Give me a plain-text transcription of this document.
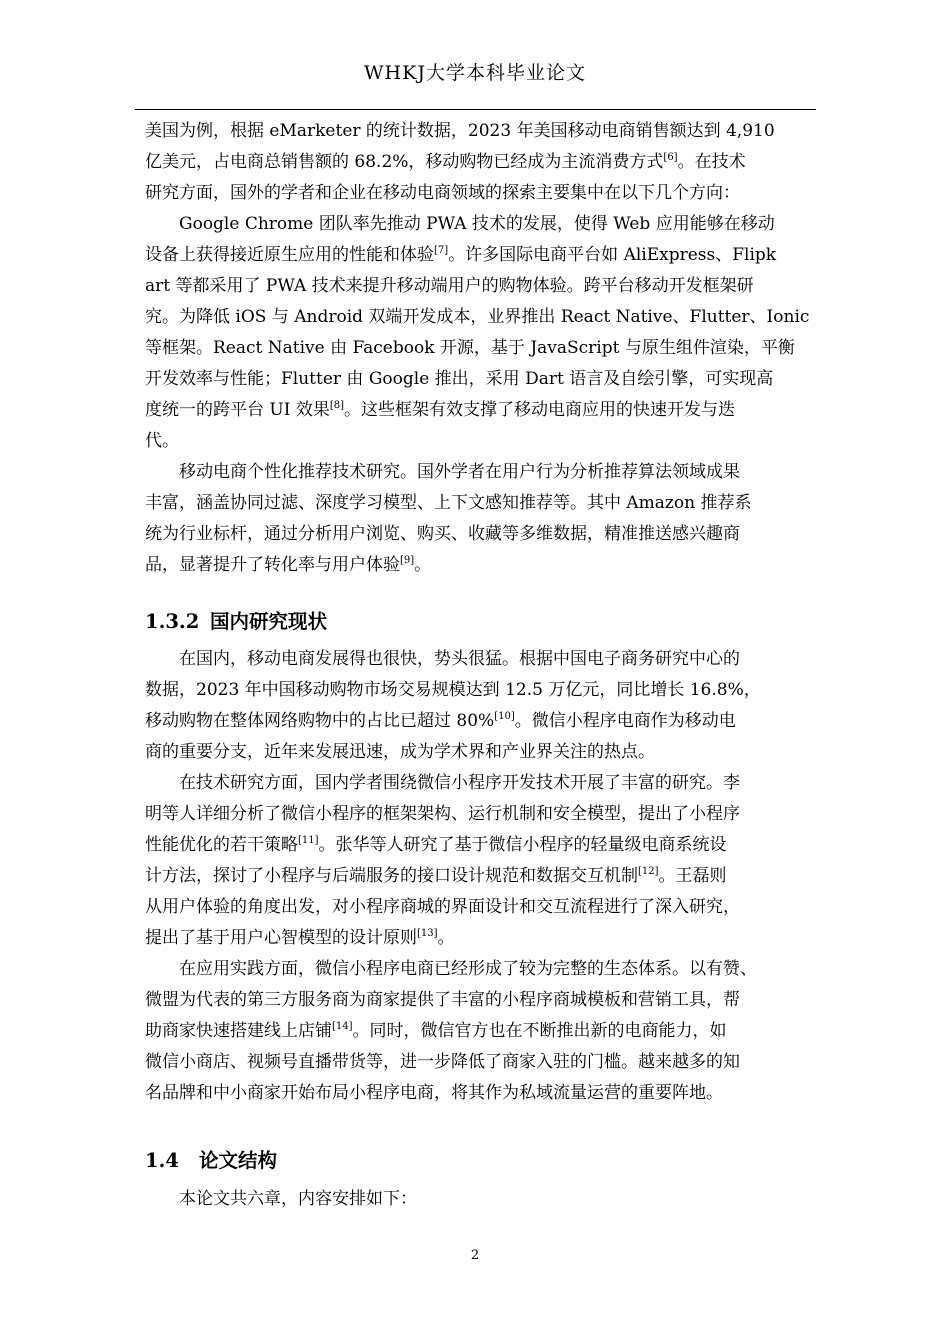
WHKJ大学本科毕业论文
美国为例，根据 eMarketer 的统计数据，2023 年美国移动电商销售额达到 4,910
亿美元，占电商总销售额的 68.2%，移动购物已经成为主流消费方式[6]。在技术
研究方面，国外的学者和企业在移动电商领域的探索主要集中在以下几个方向：
　　Google Chrome 团队率先推动 PWA 技术的发展，使得 Web 应用能够在移动
设备上获得接近原生应用的性能和体验[7]。许多国际电商平台如 AliExpress、Flipk
art 等都采用了 PWA 技术来提升移动端用户的购物体验。跨平台移动开发框架研
究。为降低 iOS 与 Android 双端开发成本，业界推出 React Native、Flutter、Ionic
等框架。React Native 由 Facebook 开源，基于 JavaScript 与原生组件渲染，平衡
开发效率与性能；Flutter 由 Google 推出，采用 Dart 语言及自绘引擎，可实现高
度统一的跨平台 UI 效果[8]。这些框架有效支撑了移动电商应用的快速开发与迭
代。
　　移动电商个性化推荐技术研究。国外学者在用户行为分析推荐算法领域成果
丰富，涵盖协同过滤、深度学习模型、上下文感知推荐等。其中 Amazon 推荐系
统为行业标杆，通过分析用户浏览、购买、收藏等多维数据，精准推送感兴趣商
品，显著提升了转化率与用户体验[9]。
1.3.2 国内研究现状
　　在国内，移动电商发展得也很快，势头很猛。根据中国电子商务研究中心的
数据，2023 年中国移动购物市场交易规模达到 12.5 万亿元，同比增长 16.8%，
移动购物在整体网络购物中的占比已超过 80%[10]。微信小程序电商作为移动电
商的重要分支，近年来发展迅速，成为学术界和产业界关注的热点。
　　在技术研究方面，国内学者围绕微信小程序开发技术开展了丰富的研究。李
明等人详细分析了微信小程序的框架架构、运行机制和安全模型，提出了小程序
性能优化的若干策略[11]。张华等人研究了基于微信小程序的轻量级电商系统设
计方法，探讨了小程序与后端服务的接口设计规范和数据交互机制[12]。王磊则
从用户体验的角度出发，对小程序商城的界面设计和交互流程进行了深入研究，
提出了基于用户心智模型的设计原则[13]。
　　在应用实践方面，微信小程序电商已经形成了较为完整的生态体系。以有赞、
微盟为代表的第三方服务商为商家提供了丰富的小程序商城模板和营销工具，帮
助商家快速搭建线上店铺[14]。同时，微信官方也在不断推出新的电商能力，如
微信小商店、视频号直播带货等，进一步降低了商家入驻的门槛。越来越多的知
名品牌和中小商家开始布局小程序电商，将其作为私域流量运营的重要阵地。
1.4 论文结构
　　本论文共六章，内容安排如下：
2
